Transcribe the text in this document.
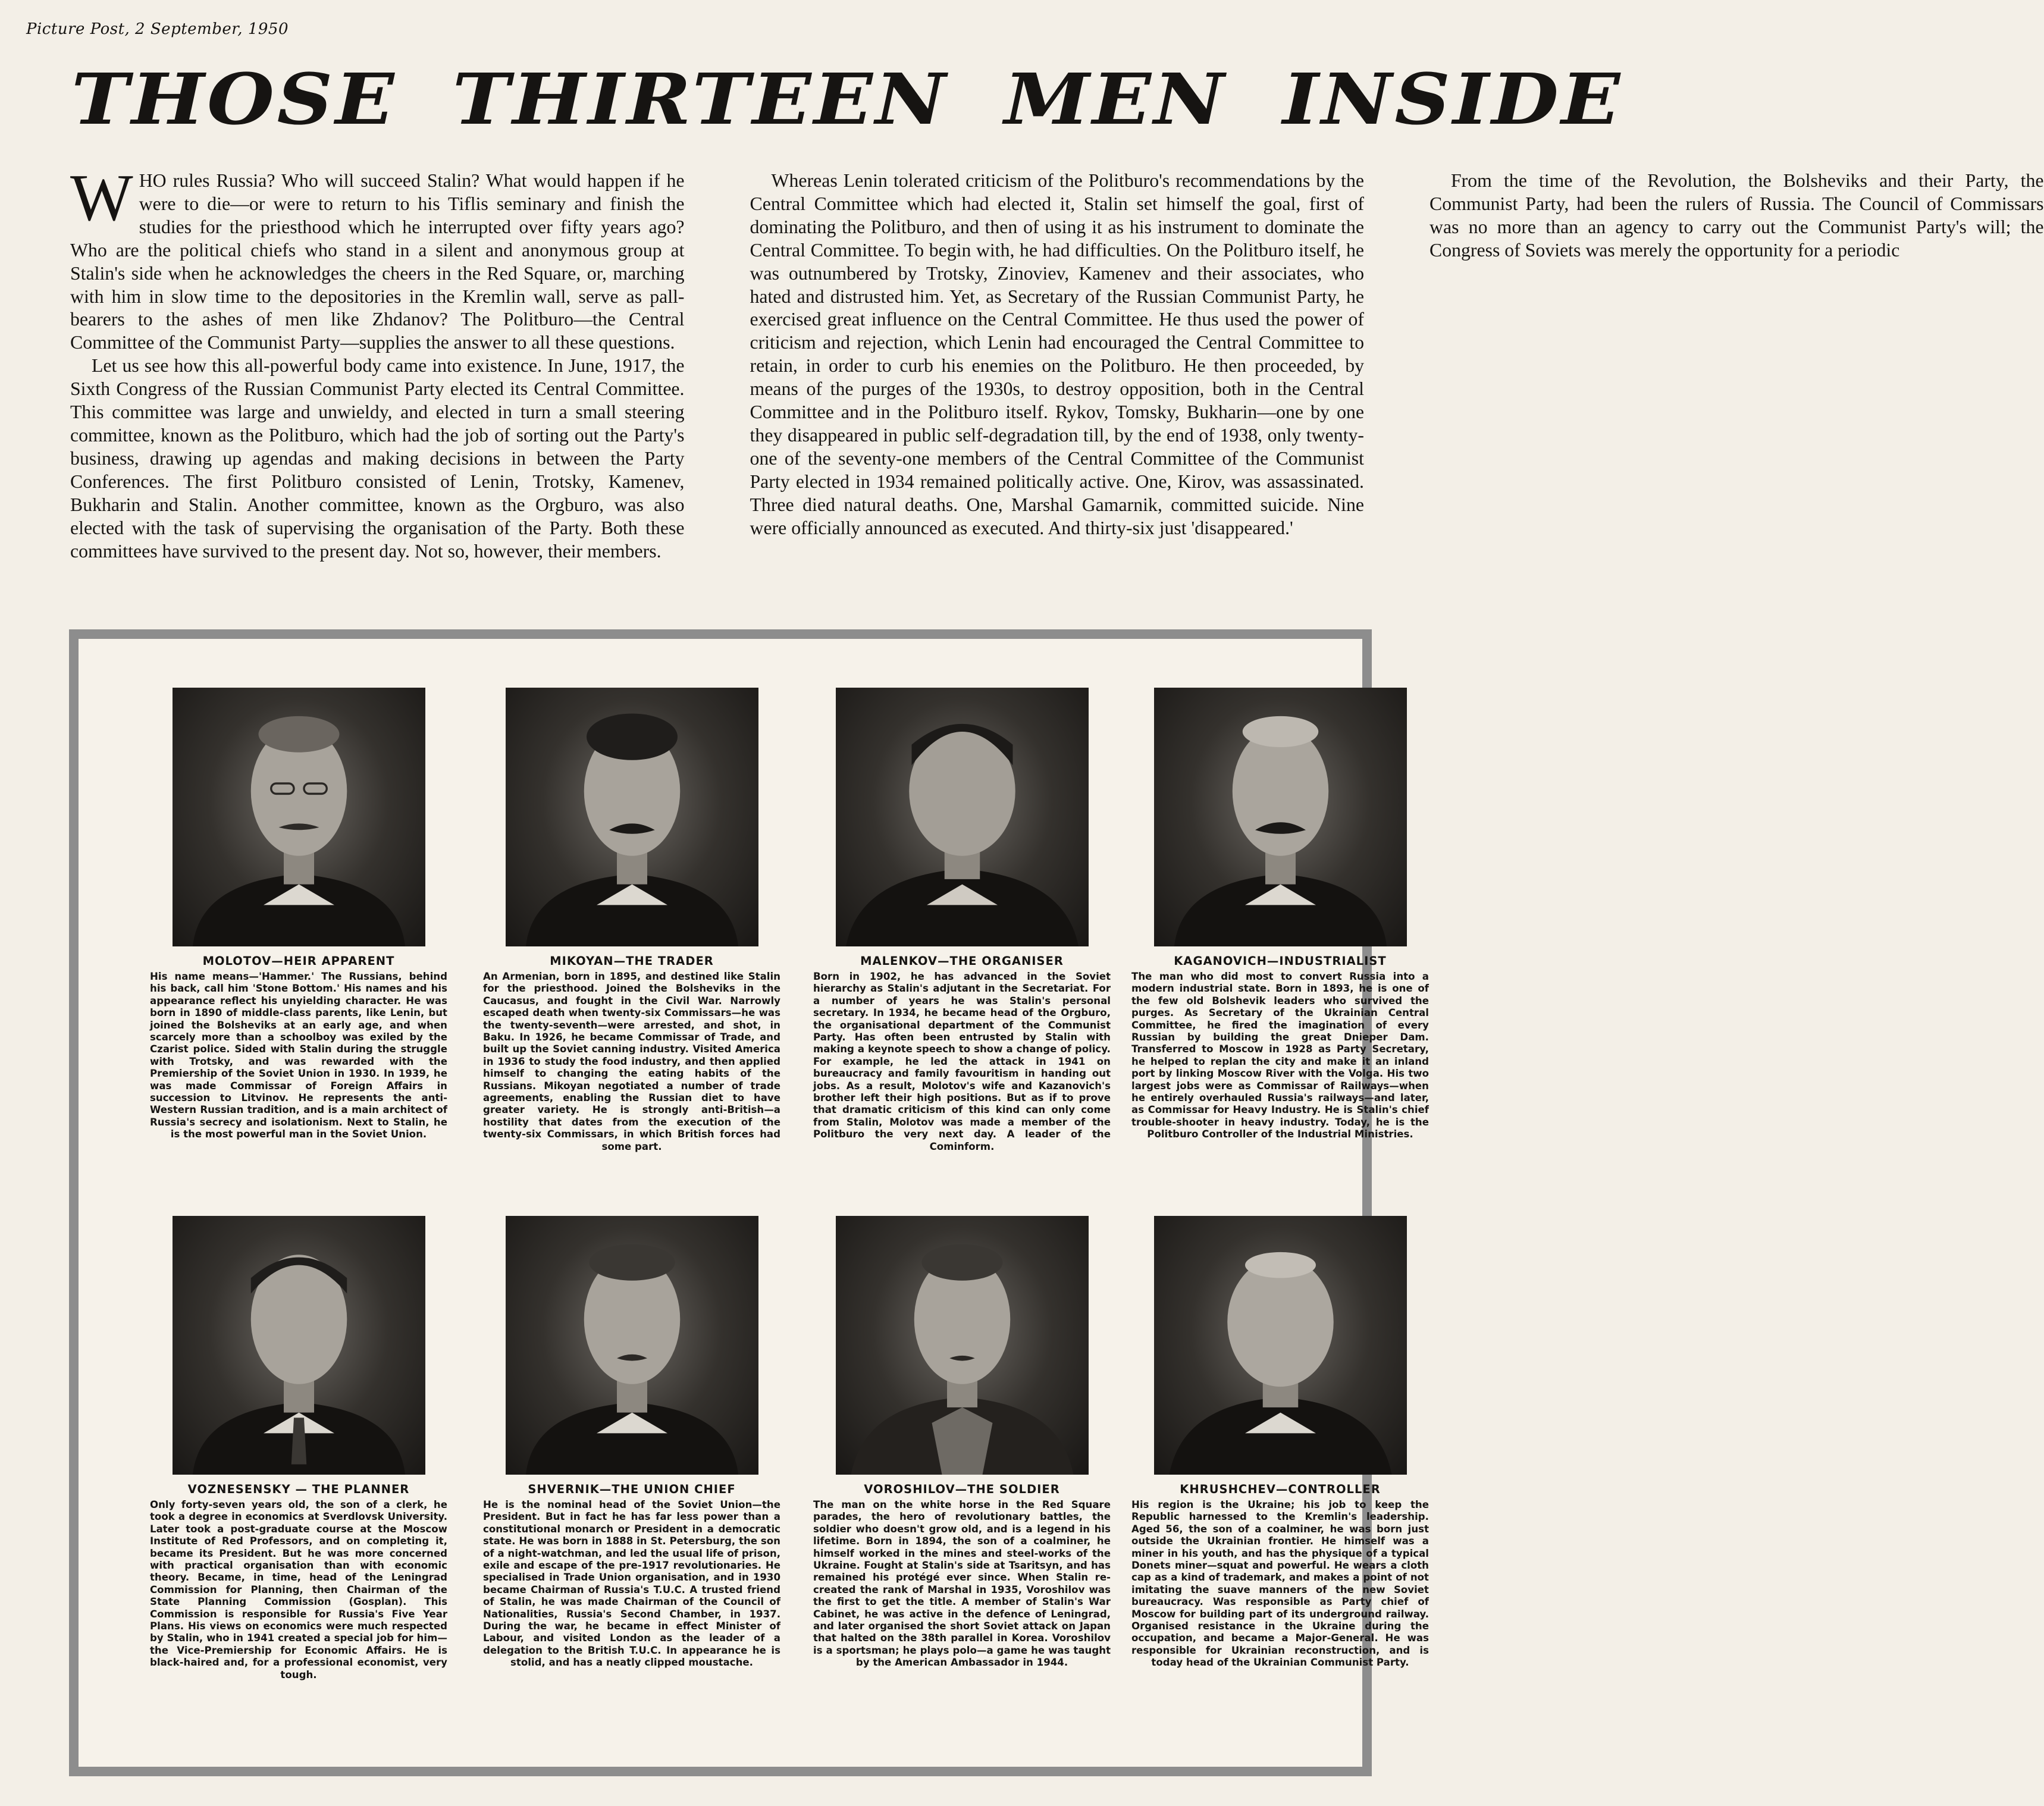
Picture Post, 2 September, 1950
THOSE THIRTEEN MEN INSIDE

WHO rules Russia? Who will succeed Stalin? What would happen if he were to die—or were to return to his Tiflis seminary and finish the studies for the priesthood which he interrupted over fifty years ago? Who are the political chiefs who stand in a silent and anonymous group at Stalin's side when he acknowledges the cheers in the Red Square, or, marching with him in slow time to the depositories in the Kremlin wall, serve as pall-bearers to the ashes of men like Zhdanov? The Politburo—the Central Committee of the Communist Party—supplies the answer to all these questions.

Let us see how this all-powerful body came into existence. In June, 1917, the Sixth Congress of the Russian Communist Party elected its Central Committee. This committee was large and unwieldy, and elected in turn a small steering committee, known as the Politburo, which had the job of sorting out the Party's business, drawing up agendas and making decisions in between the Party Conferences. The first Politburo consisted of Lenin, Trotsky, Kamenev, Bukharin and Stalin. Another committee, known as the Orgburo, was also elected with the task of supervising the organisation of the Party. Both these committees have survived to the present day. Not so, however, their members.

Whereas Lenin tolerated criticism of the Politburo's recommendations by the Central Committee which had elected it, Stalin set himself the goal, first of dominating the Politburo, and then of using it as his instrument to dominate the Central Committee. To begin with, he had difficulties. On the Politburo itself, he was outnumbered by Trotsky, Zinoviev, Kamenev and their associates, who hated and distrusted him. Yet, as Secretary of the Russian Communist Party, he exercised great influence on the Central Committee. He thus used the power of criticism and rejection, which Lenin had encouraged the Central Committee to retain, in order to curb his enemies on the Politburo. He then proceeded, by means of the purges of the 1930s, to destroy opposition, both in the Central Committee and in the Politburo itself. Rykov, Tomsky, Bukharin—one by one they disappeared in public self-degradation till, by the end of 1938, only twenty-one of the seventy-one members of the Central Committee of the Communist Party elected in 1934 remained politically active. One, Kirov, was assassinated. Three died natural deaths. One, Marshal Gamarnik, committed suicide. Nine were officially announced as executed. And thirty-six just 'disappeared.'

From the time of the Revolution, the Bolsheviks and their Party, the Communist Party, had been the rulers of Russia. The Council of Commissars was no more than an agency to carry out the Communist Party's will; the Congress of Soviets was merely the opportunity for a periodic

MOLOTOV—HEIR APPARENT

His name means—'Hammer.' The Russians, behind his back, call him 'Stone Bottom.' His names and his appearance reflect his unyielding character. He was born in 1890 of middle-class parents, like Lenin, but joined the Bolsheviks at an early age, and when scarcely more than a schoolboy was exiled by the Czarist police. Sided with Stalin during the struggle with Trotsky, and was rewarded with the Premiership of the Soviet Union in 1930. In 1939, he was made Commissar of Foreign Affairs in succession to Litvinov. He represents the anti-Western Russian tradition, and is a main architect of Russia's secrecy and isolationism. Next to Stalin, he is the most powerful man in the Soviet Union.

MIKOYAN—THE TRADER

An Armenian, born in 1895, and destined like Stalin for the priesthood. Joined the Bolsheviks in the Caucasus, and fought in the Civil War. Narrowly escaped death when twenty-six Commissars—he was the twenty-seventh—were arrested, and shot, in Baku. In 1926, he became Commissar of Trade, and built up the Soviet canning industry. Visited America in 1936 to study the food industry, and then applied himself to changing the eating habits of the Russians. Mikoyan negotiated a number of trade agreements, enabling the Russian diet to have greater variety. He is strongly anti-British—a hostility that dates from the execution of the twenty-six Commissars, in which British forces had some part.

MALENKOV—THE ORGANISER

Born in 1902, he has advanced in the Soviet hierarchy as Stalin's adjutant in the Secretariat. For a number of years he was Stalin's personal secretary. In 1934, he became head of the Orgburo, the organisational department of the Communist Party. Has often been entrusted by Stalin with making a keynote speech to show a change of policy. For example, he led the attack in 1941 on bureaucracy and family favouritism in handing out jobs. As a result, Molotov's wife and Kazanovich's brother left their high positions. But as if to prove that dramatic criticism of this kind can only come from Stalin, Molotov was made a member of the Politburo the very next day. A leader of the Cominform.

KAGANOVICH—INDUSTRIALIST

The man who did most to convert Russia into a modern industrial state. Born in 1893, he is one of the few old Bolshevik leaders who survived the purges. As Secretary of the Ukrainian Central Committee, he fired the imagination of every Russian by building the great Dnieper Dam. Transferred to Moscow in 1928 as Party Secretary, he helped to replan the city and make it an inland port by linking Moscow River with the Volga. His two largest jobs were as Commissar of Railways—when he entirely overhauled Russia's railways—and later, as Commissar for Heavy Industry. He is Stalin's chief trouble-shooter in heavy industry. Today, he is the Politburo Controller of the Industrial Ministries.

VOZNESENSKY — THE PLANNER

Only forty-seven years old, the son of a clerk, he took a degree in economics at Sverdlovsk University. Later took a post-graduate course at the Moscow Institute of Red Professors, and on completing it, became its President. But he was more concerned with practical organisation than with economic theory. Became, in time, head of the Leningrad Commission for Planning, then Chairman of the State Planning Commission (Gosplan). This Commission is responsible for Russia's Five Year Plans. His views on economics were much respected by Stalin, who in 1941 created a special job for him—the Vice-Premiership for Economic Affairs. He is black-haired and, for a professional economist, very tough.

SHVERNIK—THE UNION CHIEF

He is the nominal head of the Soviet Union—the President. But in fact he has far less power than a constitutional monarch or President in a democratic state. He was born in 1888 in St. Petersburg, the son of a night-watchman, and led the usual life of prison, exile and escape of the pre-1917 revolutionaries. He specialised in Trade Union organisation, and in 1930 became Chairman of Russia's T.U.C. A trusted friend of Stalin, he was made Chairman of the Council of Nationalities, Russia's Second Chamber, in 1937. During the war, he became in effect Minister of Labour, and visited London as the leader of a delegation to the British T.U.C. In appearance he is stolid, and has a neatly clipped moustache.

VOROSHILOV—THE SOLDIER

The man on the white horse in the Red Square parades, the hero of revolutionary battles, the soldier who doesn't grow old, and is a legend in his lifetime. Born in 1894, the son of a coalminer, he himself worked in the mines and steel-works of the Ukraine. Fought at Stalin's side at Tsaritsyn, and has remained his protégé ever since. When Stalin re-created the rank of Marshal in 1935, Voroshilov was the first to get the title. A member of Stalin's War Cabinet, he was active in the defence of Leningrad, and later organised the short Soviet attack on Japan that halted on the 38th parallel in Korea. Voroshilov is a sportsman; he plays polo—a game he was taught by the American Ambassador in 1944.

KHRUSHCHEV—CONTROLLER

His region is the Ukraine; his job to keep the Republic harnessed to the Kremlin's leadership. Aged 56, the son of a coalminer, he was born just outside the Ukrainian frontier. He himself was a miner in his youth, and has the physique of a typical Donets miner—squat and powerful. He wears a cloth cap as a kind of trademark, and makes a point of not imitating the suave manners of the new Soviet bureaucracy. Was responsible as Party chief of Moscow for building part of its underground railway. Organised resistance in the Ukraine during the occupation, and became a Major-General. He was responsible for Ukrainian reconstruction, and is today head of the Ukrainian Communist Party.
